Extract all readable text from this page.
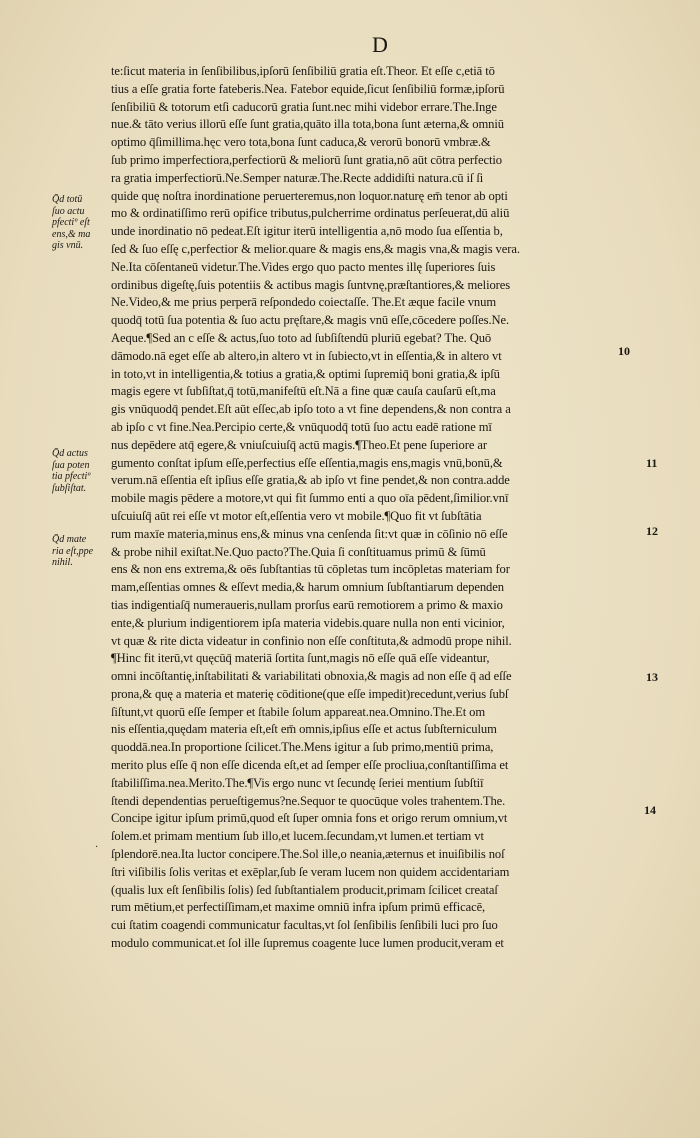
D
te:ſicut materia in ſenſibilibus,ipſorū ſenſibiliū gratia eſt.Theor. Et eſſe c,etiā tō
tius a eſſe gratia forte fateberis.Nea. Fatebor equide,ſicut ſenſibiliū formæ,ipſorū
ſenſibiliū & totorum etſi caducorū gratia ſunt.nec mihi videbor errare.The.Inge
nue.& tāto verius illorū eſſe ſunt gratia,quāto illa tota,bona ſunt æterna,& omniū
optimo q̄ſimillima.hęc vero tota,bona ſunt caduca,& verorū bonorū vmbræ.&
ſub primo imperfectiora,perfectiorū & meliorū ſunt gratia,nō aūt cōtra perfectio
ra gratia imperfectiorū.Ne.Semper naturæ.The.Recte addidiſti natura.cū iſ ſi
quide quę noſtra inordinatione peruerteremus,non loquor.naturę em̄ tenor ab opti
mo & ordinatiſſimo rerū opifice tributus,pulcherrime ordinatus perſeuerat,dū aliū
unde inordinatio nō pedeat.Eſt igitur iterū intelligentia a,nō modo ſua eſſentia b,
ſed & ſuo eſſę c,perfectior & melior.quare & magis ens,& magis vna,& magis vera.
Ne.Ita cōſentaneū videtur.The.Vides ergo quo pacto mentes illę ſuperiores ſuis
ordinibus digeſtę,ſuis potentiis & actibus magis ſuntvnę,præſtantiores,& meliores
Ne.Video,& me prius perperā reſpondedo coiectaſſe. The.Et æque facile vnum
quodq̄ totū ſua potentia & ſuo actu pręſtare,& magis vnū eſſe,cōcedere poſſes.Ne.
Aeque.¶Sed an c eſſe & actus,ſuo toto ad ſubſiſtendū pluriū egebat? The. Quō
dāmodo.nā eget eſſe ab altero,in altero vt in ſubiecto,vt in eſſentia,& in altero vt
in toto,vt in intelligentia,& totius a gratia,& optimi ſupremiq̄ boni gratia,& ipſū
magis egere vt ſubſiſtat,q̄ totū,manifeſtū eſt.Nā a fine quæ cauſa cauſarū eſt,ma
gis vnūquodq̄ pendet.Eſt aūt eſſec,ab ipſo toto a vt fine dependens,& non contra a
ab ipſo c vt fine.Nea.Percipio certe,& vnūquodq̄ totū ſuo actu eadē ratione mī
nus depēdere atq̄ egere,& vniuſcuiuſq̄ actū magis.¶Theo.Et pene ſuperiore ar
gumento conſtat ipſum eſſe,perfectius eſſe eſſentia,magis ens,magis vnū,bonū,&
verum.nā eſſentia eſt ipſius eſſe gratia,& ab ipſo vt fine pendet,& non contra.adde
mobile magis pēdere a motore,vt qui fit ſummo enti a quo oīa pēdent,ſimilior.vnī
uſcuiuſq̄ aūt rei eſſe vt motor eſt,eſſentia vero vt mobile.¶Quo fit vt ſubſtātia
rum maxīe materia,minus ens,& minus vna cenſenda ſit:vt quæ in cōſinio nō eſſe
& probe nihil exiſtat.Ne.Quo pacto?The.Quia ſi conſtituamus primū & ſūmū
ens & non ens extrema,& oēs ſubſtantias tū cōpletas tum incōpletas materiam for
mam,eſſentias omnes & eſſevt media,& harum omnium ſubſtantiarum dependen
tias indigentiaſq̄ numeraueris,nullam prorſus earū remotiorem a primo & maxio
ente,& plurium indigentiorem ipſa materia videbis.quare nulla non enti vicinior,
vt quæ & rite dicta videatur in confinio non eſſe conſtituta,& admodū prope nihil.
¶Hinc fit iterū,vt quęcūq̄ materiā ſortita ſunt,magis nō eſſe quā eſſe videantur,
omni incōſtantię,inſtabilitati & variabilitati obnoxia,& magis ad non eſſe q̄ ad eſſe
prona,& quę a materia et materię cōditione(que eſſe impedit)recedunt,verius ſubſ
ſiſtunt,vt quorū eſſe ſemper et ſtabile ſolum appareat.nea.Omnino.The.Et om
nis eſſentia,quędam materia eſt,eſt em̄ omnis,ipſius eſſe et actus ſubſterniculum
quoddā.nea.In proportione ſcilicet.The.Mens igitur a ſub primo,mentiū prima,
merito plus eſſe q̄ non eſſe dicenda eſt,et ad ſemper eſſe procliua,conſtantiſſima et
ſtabiliſſima.nea.Merito.The.¶Vis ergo nunc vt ſecundę ſeriei mentium ſubſtiī
ſtendi dependentias perueſtigemus?ne.Sequor te quocūque voles trahentem.The.
Concipe igitur ipſum primū,quod eſt ſuper omnia fons et origo rerum omnium,vt
ſolem.et primam mentium ſub illo,et lucem.ſecundam,vt lumen.et tertiam vt
ſplendorē.nea.Ita luctor concipere.The.Sol ille,o neania,æternus et inuiſibilis noſ
ſtri viſibilis ſolis veritas et exēplar,ſub ſe veram lucem non quidem accidentariam
(qualis lux eſt ſenſibilis ſolis) ſed ſubſtantialem producit,primam ſcilicet creataſ
rum mētium,et perfectiſſimam,et maxime omniū infra ipſum primū efficacē,
cui ſtatim coagendi communicatur facultas,vt ſol ſenſibilis ſenſibili luci pro ſuo
modulo communicat.et ſol ille ſupremus coagente luce lumen producit,veram et
Q̄d totū
ſuo actu
pfectiº eſt
ens,& ma
gis vnū.
Q̄d actus
ſua poten
tia pfectiº
ſubſiſtat.
Q̄d mate
ria eſt,ppe
nihil.
10
11
12
13
14
·
